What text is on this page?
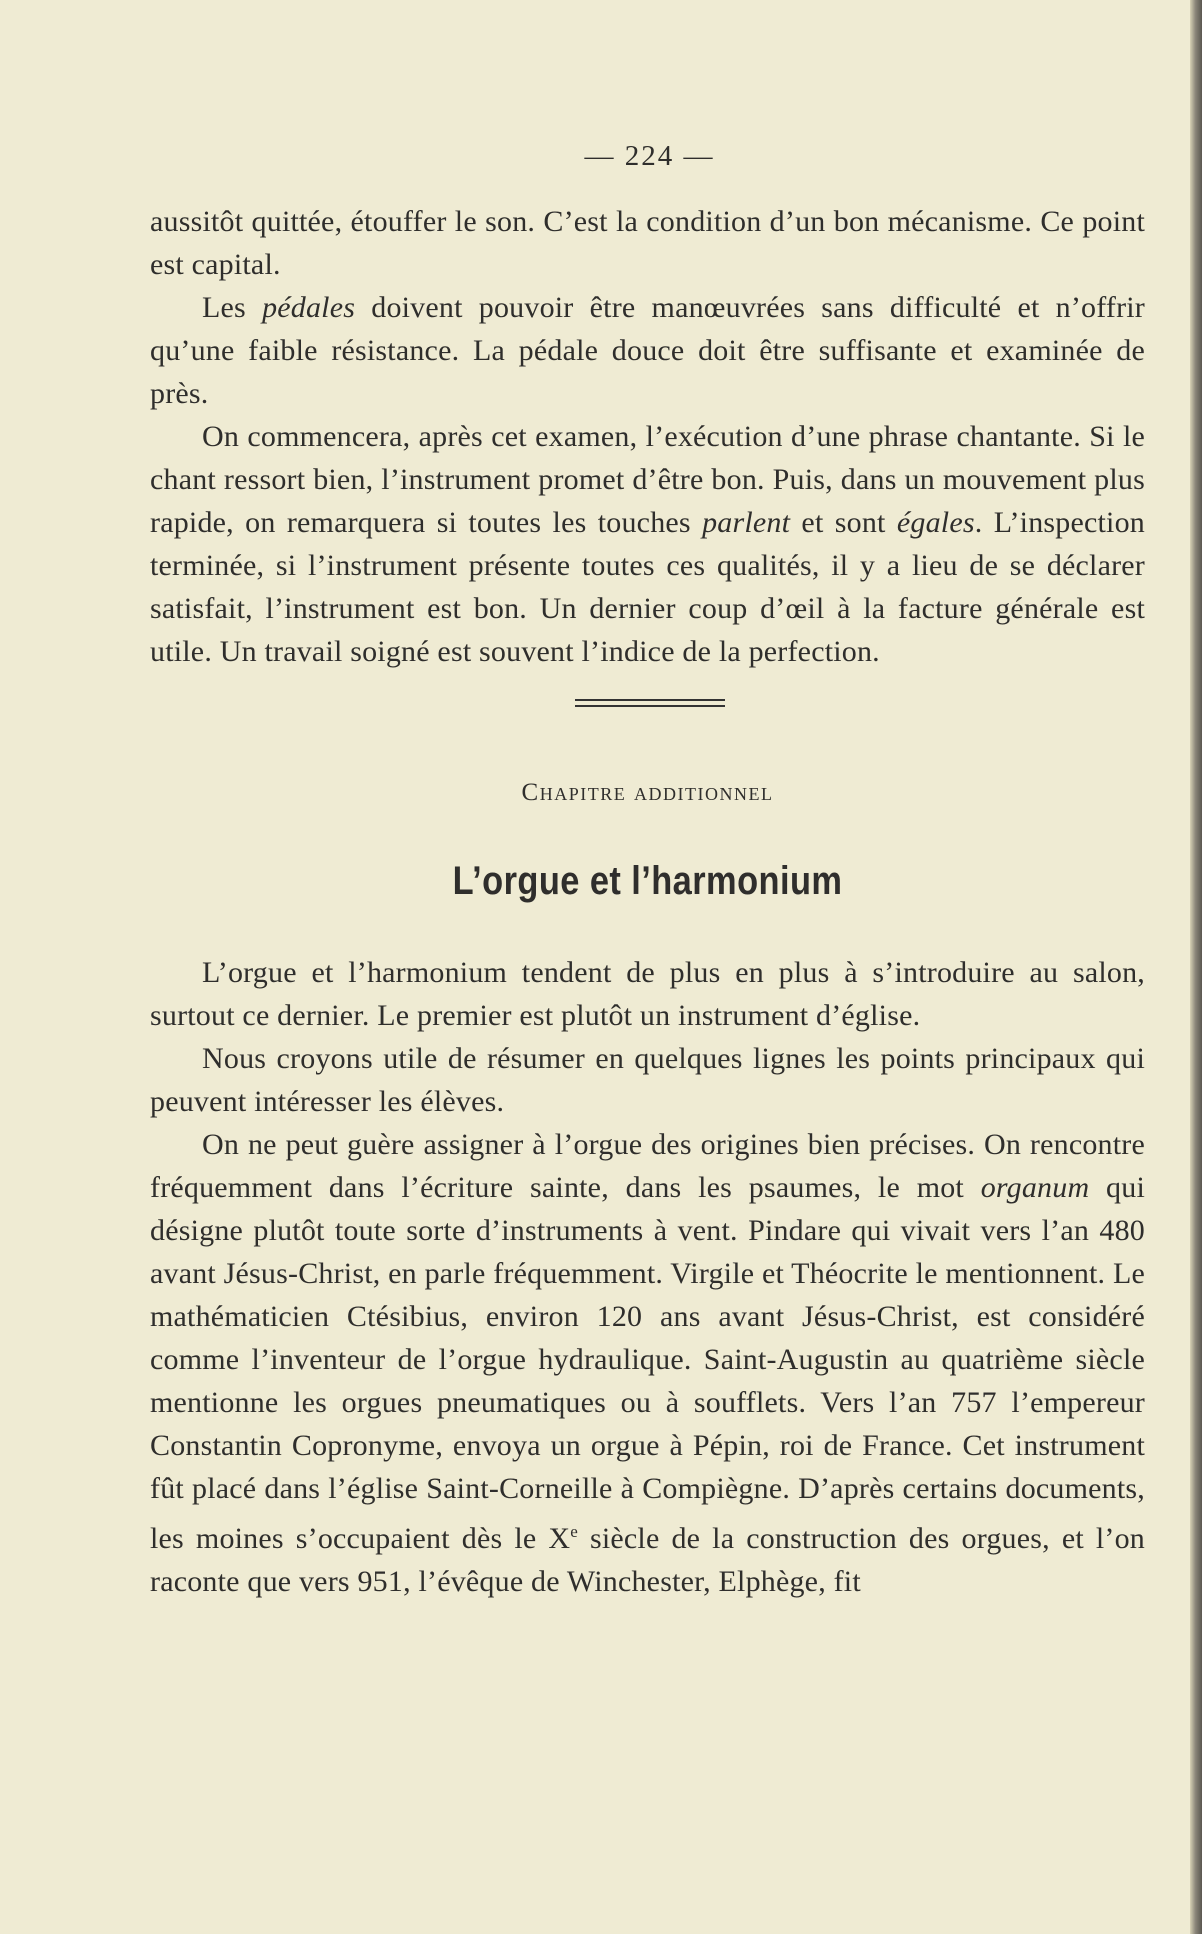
— 224 —

aussitôt quittée, étouffer le son. C’est la condition d’un bon mécanisme. Ce point est capital.

Les pédales doivent pouvoir être manœuvrées sans difficulté et n’offrir qu’une faible résistance. La pédale douce doit être suffisante et examinée de près.

On commencera, après cet examen, l’exécution d’une phrase chantante. Si le chant ressort bien, l’instrument promet d’être bon. Puis, dans un mouvement plus rapide, on remarquera si toutes les touches parlent et sont égales. L’inspection terminée, si l’instrument présente toutes ces qualités, il y a lieu de se déclarer satisfait, l’instrument est bon. Un dernier coup d’œil à la facture générale est utile. Un travail soigné est souvent l’indice de la perfection.

Chapitre additionnel
L’orgue et l’harmonium

L’orgue et l’harmonium tendent de plus en plus à s’introduire au salon, surtout ce dernier. Le premier est plutôt un instrument d’église.

Nous croyons utile de résumer en quelques lignes les points principaux qui peuvent intéresser les élèves.

On ne peut guère assigner à l’orgue des origines bien précises. On rencontre fréquemment dans l’écriture sainte, dans les psaumes, le mot organum qui désigne plutôt toute sorte d’instruments à vent. Pindare qui vivait vers l’an 480 avant Jésus-Christ, en parle fréquemment. Virgile et Théocrite le mentionnent. Le mathématicien Ctésibius, environ 120 ans avant Jésus-Christ, est considéré comme l’inventeur de l’orgue hydraulique. Saint-Augustin au quatrième siècle mentionne les orgues pneumatiques ou à soufflets. Vers l’an 757 l’empereur Constantin Copronyme, envoya un orgue à Pépin, roi de France. Cet instrument fût placé dans l’église Saint-Corneille à Compiègne. D’après certains documents, les moines s’occupaient dès le Xe siècle de la construction des orgues, et l’on raconte que vers 951, l’évêque de Winchester, Elphège, fit
